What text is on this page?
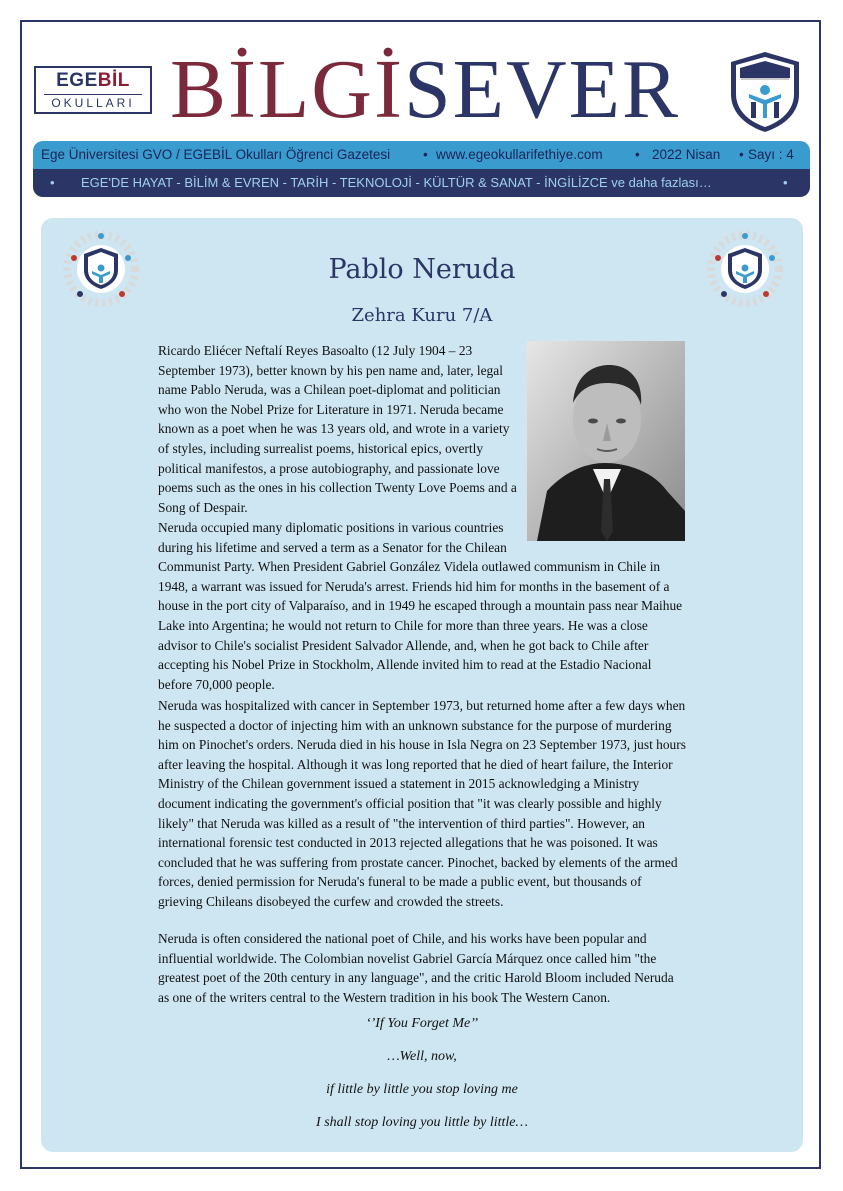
EGEBİL
OKULLARI BİLGİSEVER
Ege Üniversitesi GVO / EGEBİL Okulları Öğrenci Gazetesi • www.egeokullarifethiye.com • 2022 Nisan • Sayı : 4
• EGE'DE HAYAT - BİLİM & EVREN - TARİH - TEKNOLOJİ - KÜLTÜR & SANAT - İNGİLİZCE ve daha fazlası…	•
Pablo Neruda
Zehra Kuru 7/A

Ricardo Eliécer Neftalí Reyes Basoalto (12 July 1904 – 23 September 1973), better known by his pen name and, later, legal name Pablo Neruda, was a Chilean poet-diplomat and politician who won the Nobel Prize for Literature in 1971. Neruda became known as a poet when he was 13 years old, and wrote in a variety of styles, including surrealist poems, historical epics, overtly political manifestos, a prose autobiography, and passionate love poems such as the ones in his collection Twenty Love Poems and a Song of Despair.

Neruda occupied many diplomatic positions in various countries during his lifetime and served a term as a Senator for the Chilean Communist Party. When President Gabriel González Videla outlawed communism in Chile in 1948, a warrant was issued for Neruda's arrest. Friends hid him for months in the basement of a house in the port city of Valparaíso, and in 1949 he escaped through a mountain pass near Maihue Lake into Argentina; he would not return to Chile for more than three years. He was a close advisor to Chile's socialist President Salvador Allende, and, when he got back to Chile after accepting his Nobel Prize in Stockholm, Allende invited him to read at the Estadio Nacional before 70,000 people.

Neruda was hospitalized with cancer in September 1973, but returned home after a few days when he suspected a doctor of injecting him with an unknown substance for the purpose of murdering him on Pinochet's orders. Neruda died in his house in Isla Negra on 23 September 1973, just hours after leaving the hospital. Although it was long reported that he died of heart failure, the Interior Ministry of the Chilean government issued a statement in 2015 acknowledging a Ministry document indicating the government's official position that "it was clearly possible and highly likely" that Neruda was killed as a result of "the intervention of third parties". However, an international forensic test conducted in 2013 rejected allegations that he was poisoned. It was concluded that he was suffering from prostate cancer. Pinochet, backed by elements of the armed forces, denied permission for Neruda's funeral to be made a public event, but thousands of grieving Chileans disobeyed the curfew and crowded the streets.

Neruda is often considered the national poet of Chile, and his works have been popular and influential worldwide. The Colombian novelist Gabriel García Márquez once called him "the greatest poet of the 20th century in any language", and the critic Harold Bloom included Neruda as one of the writers central to the Western tradition in his book The Western Canon.

‘’If You Forget Me’’
…Well, now,
if little by little you stop loving me
I shall stop loving you little by little…
